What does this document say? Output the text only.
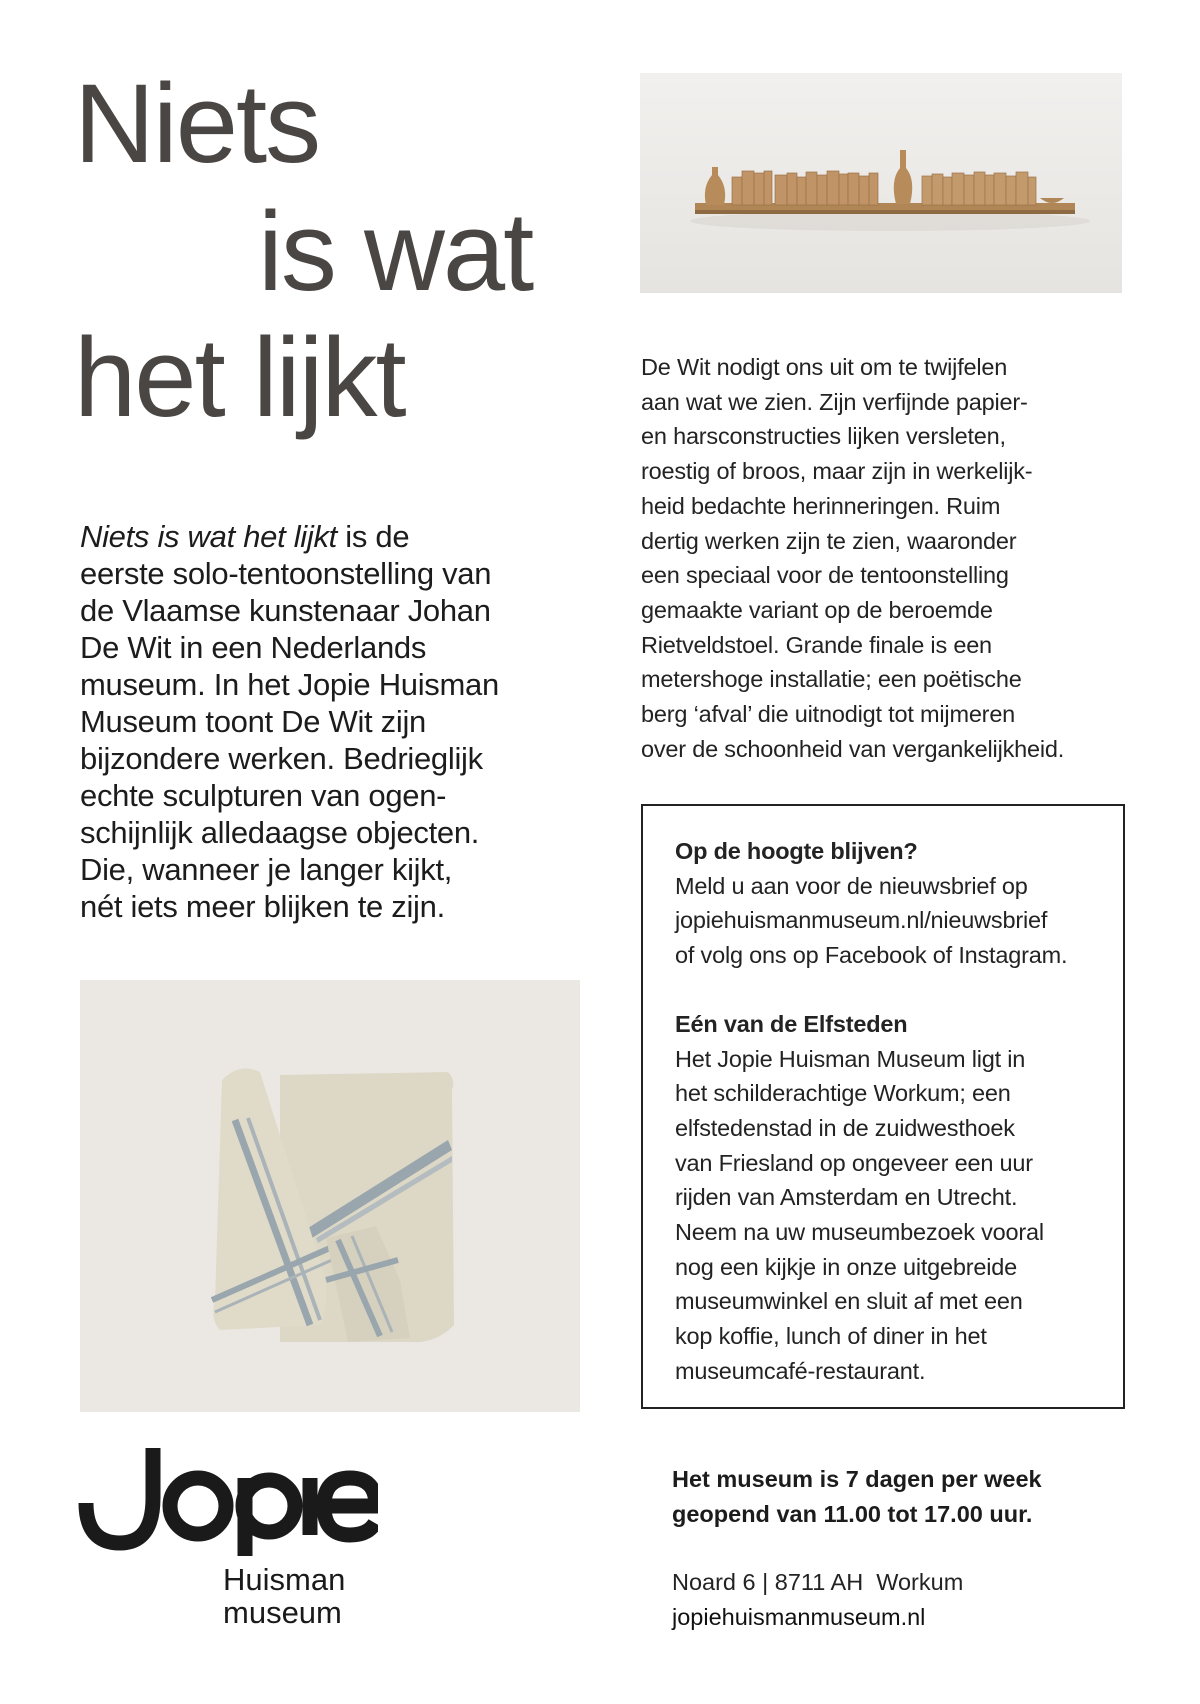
Niets
is wat
het lijkt
Niets is wat het lijkt is de
eerste solo-tentoonstelling van
de Vlaamse kunstenaar Johan
De Wit in een Nederlands
museum. In het Jopie Huisman
Museum toont De Wit zijn
bijzondere werken. Bedrieglijk
echte sculpturen van ogen-
schijnlijk alledaagse objecten.
Die, wanneer je langer kijkt,
nét iets meer blijken te zijn.
De Wit nodigt ons uit om te twijfelen
aan wat we zien. Zijn verfijnde papier-
en harsconstructies lijken versleten,
roestig of broos, maar zijn in werkelijk-
heid bedachte herinneringen. Ruim
dertig werken zijn te zien, waaronder
een speciaal voor de tentoonstelling
gemaakte variant op de beroemde
Rietveldstoel. Grande finale is een
metershoge installatie; een poëtische
berg ‘afval’ die uitnodigt tot mijmeren
over de schoonheid van vergankelijkheid.
Op de hoogte blijven?

Meld u aan voor de nieuwsbrief op

jopiehuismanmuseum.nl/nieuwsbrief

of volg ons op Facebook of Instagram.

Eén van de Elfsteden

Het Jopie Huisman Museum ligt in

het schilderachtige Workum; een

elfstedenstad in de zuidwesthoek

van Friesland op ongeveer een uur

rijden van Amsterdam en Utrecht.

Neem na uw museumbezoek vooral

nog een kijkje in onze uitgebreide

museumwinkel en sluit af met een

kop koffie, lunch of diner in het

museumcafé-restaurant.

Het museum is 7 dagen per week
geopend van 11.00 tot 17.00 uur.
Noard 6 | 8711 AH  Workum
jopiehuismanmuseum.nl
Huisman
museum
